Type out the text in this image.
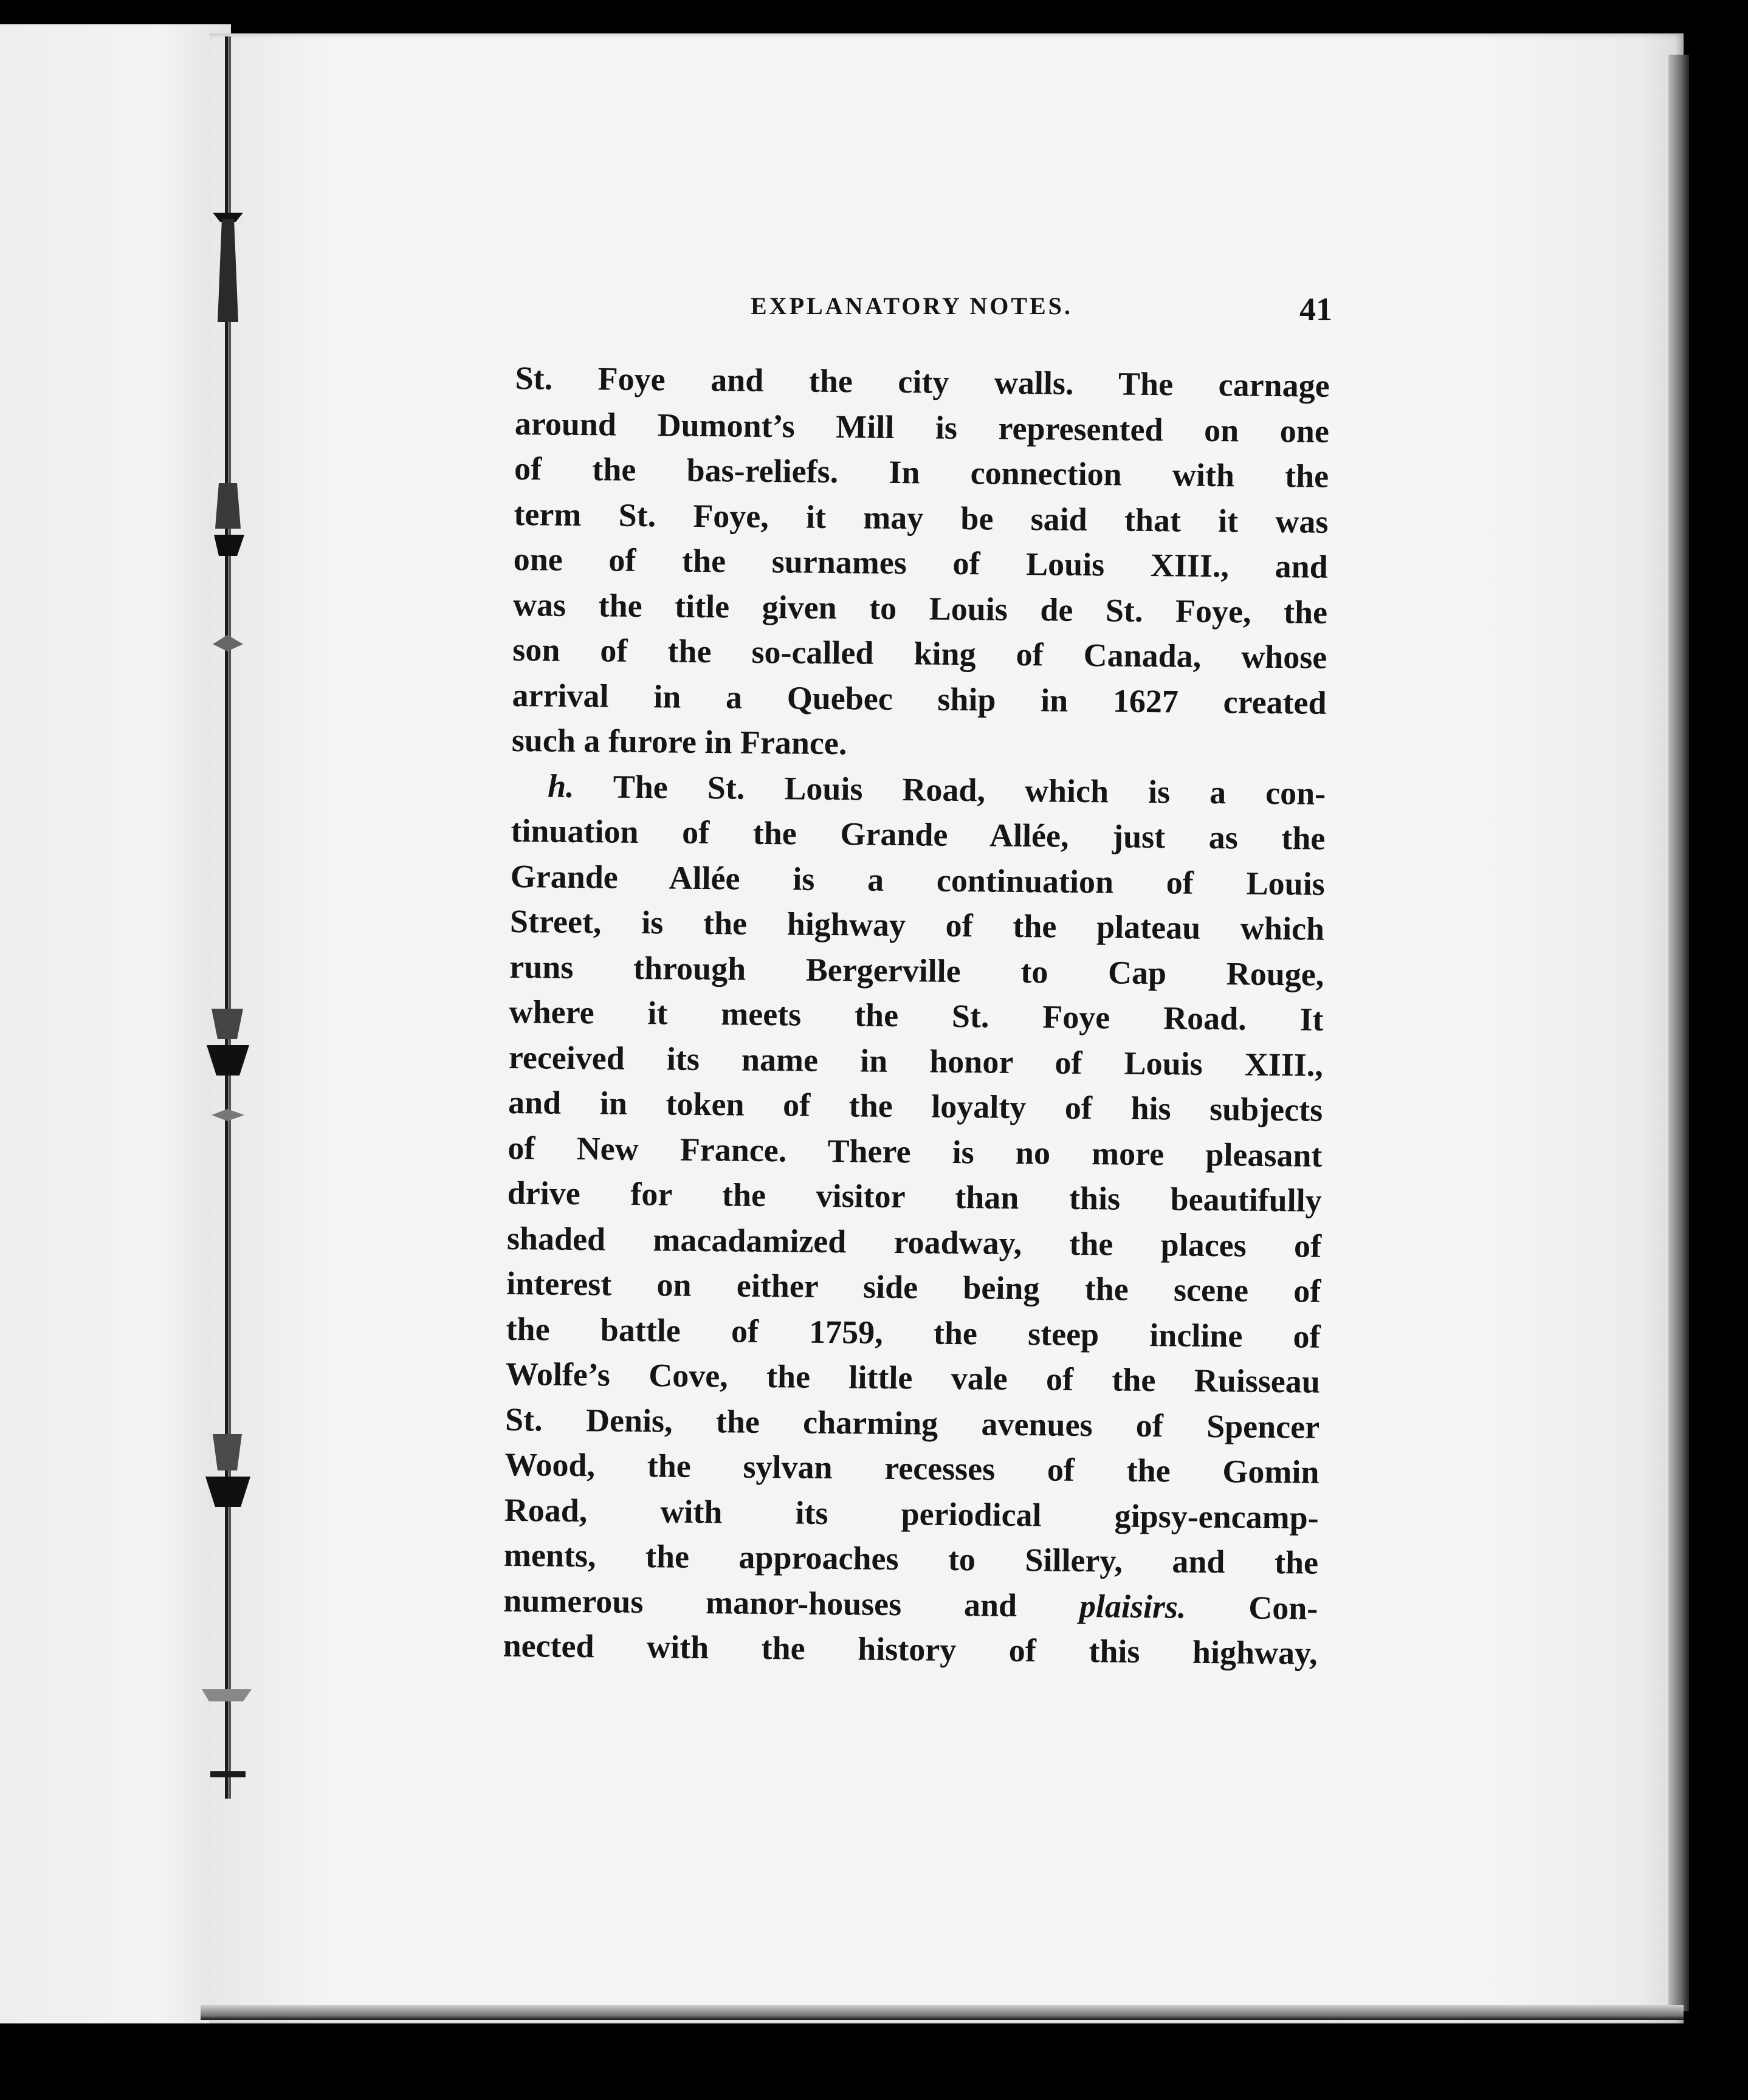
EXPLANATORY NOTES.	41
St. Foye and the city walls. The carnage
around Dumont’s Mill is represented on one
of the bas-reliefs. In connection with the
term St. Foye, it may be said that it was
one of the surnames of Louis XIII., and
was the title given to Louis de St. Foye, the
son of the so-called king of Canada, whose
arrival in a Quebec ship in 1627 created
such a furore in France.
h. The St. Louis Road, which is a con-
tinuation of the Grande Allée, just as the
Grande Allée is a continuation of Louis
Street, is the highway of the plateau which
runs through Bergerville to Cap Rouge,
where it meets the St. Foye Road. It
received its name in honor of Louis XIII.,
and in token of the loyalty of his subjects
of New France. There is no more pleasant
drive for the visitor than this beautifully
shaded macadamized roadway, the places of
interest on either side being the scene of
the battle of 1759, the steep incline of
Wolfe’s Cove, the little vale of the Ruisseau
St. Denis, the charming avenues of Spencer
Wood, the sylvan recesses of the Gomin
Road, with its periodical gipsy-encamp-
ments, the approaches to Sillery, and the
numerous manor-houses and plaisirs. Con-
nected with the history of this highway,
